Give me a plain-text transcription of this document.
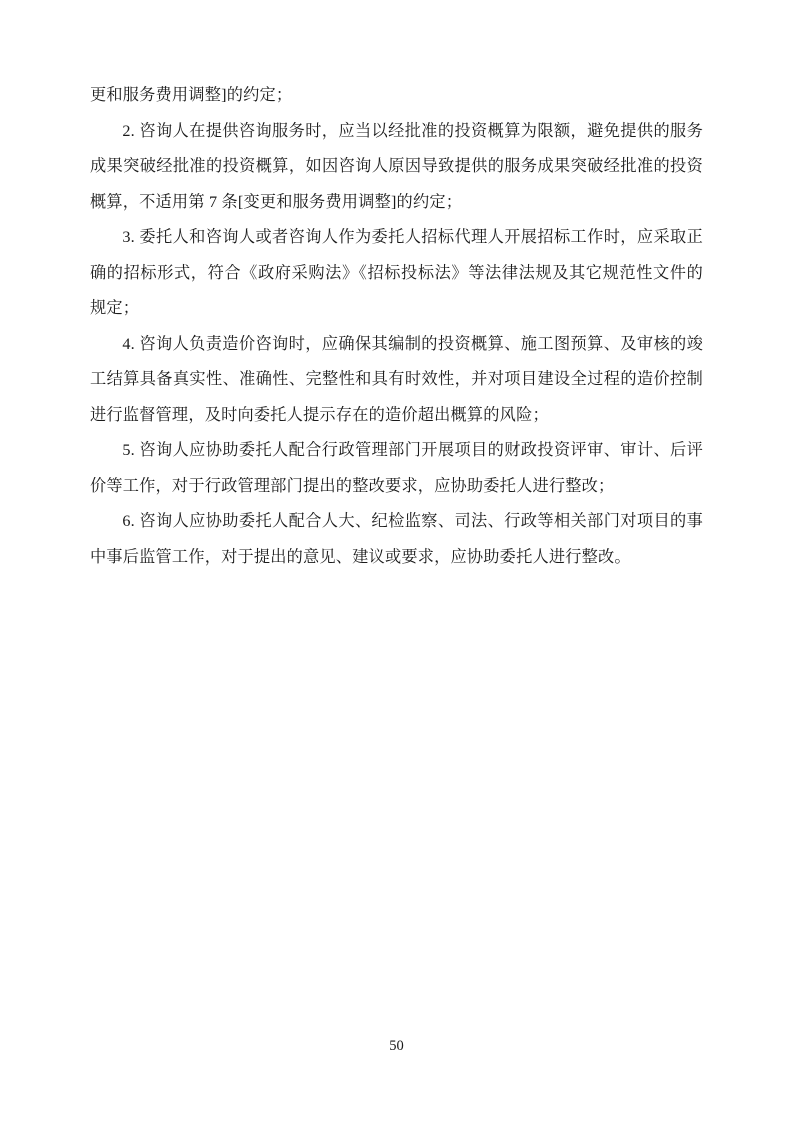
更和服务费用调整]的约定；

2. 咨询人在提供咨询服务时，应当以经批准的投资概算为限额，避免提供的服务成果突破经批准的投资概算，如因咨询人原因导致提供的服务成果突破经批准的投资概算，不适用第 7 条[变更和服务费用调整]的约定；

3. 委托人和咨询人或者咨询人作为委托人招标代理人开展招标工作时，应采取正确的招标形式，符合《政府采购法》《招标投标法》等法律法规及其它规范性文件的规定；

4. 咨询人负责造价咨询时，应确保其编制的投资概算、施工图预算、及审核的竣工结算具备真实性、准确性、完整性和具有时效性，并对项目建设全过程的造价控制进行监督管理，及时向委托人提示存在的造价超出概算的风险；

5. 咨询人应协助委托人配合行政管理部门开展项目的财政投资评审、审计、后评价等工作，对于行政管理部门提出的整改要求，应协助委托人进行整改；

6. 咨询人应协助委托人配合人大、纪检监察、司法、行政等相关部门对项目的事中事后监管工作，对于提出的意见、建议或要求，应协助委托人进行整改。

50
